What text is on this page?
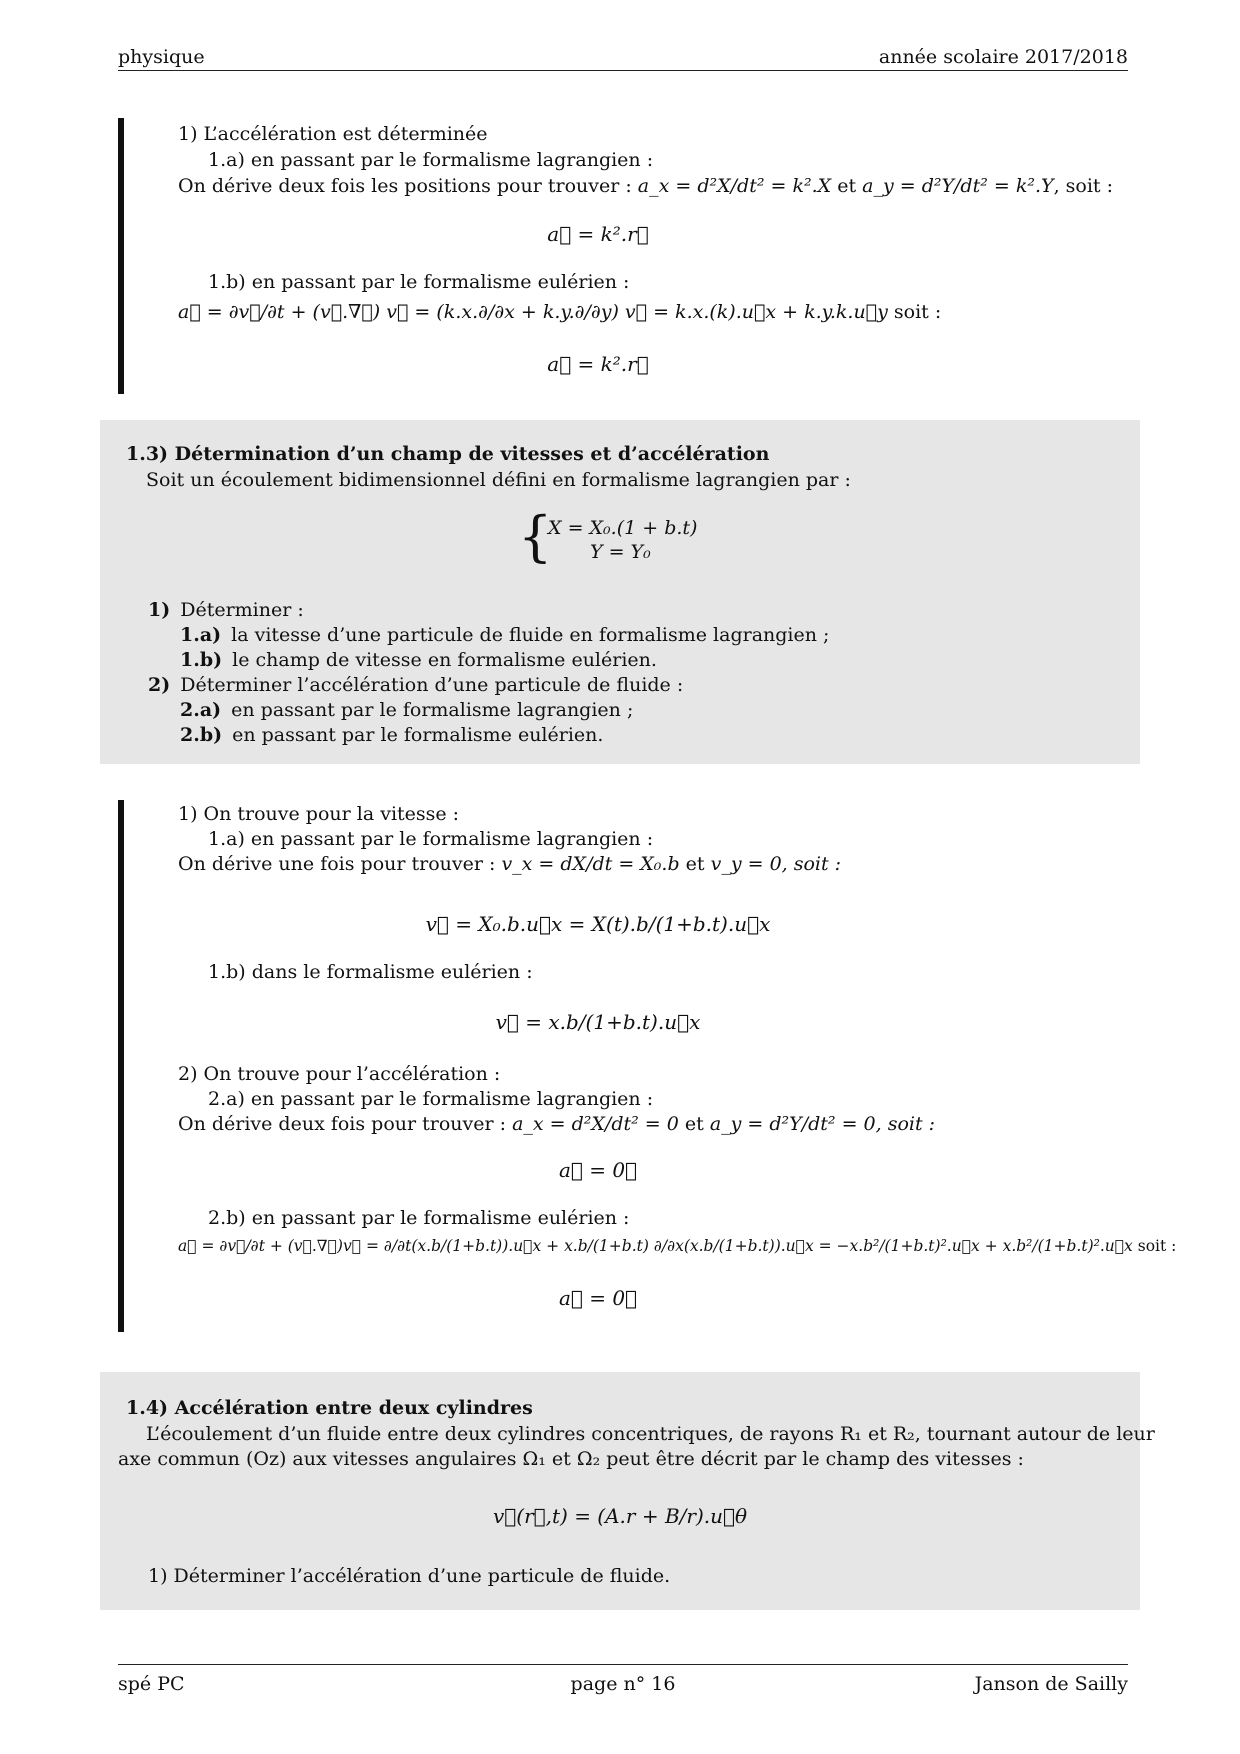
physique	année scolaire 2017/2018
1) L’accélération est déterminée
1.a) en passant par le formalisme lagrangien :
On dérive deux fois les positions pour trouver : a_x = d²X/dt² = k².X et a_y = d²Y/dt² = k².Y, soit :
a⃗ = k².r⃗
1.b) en passant par le formalisme eulérien :
a⃗ = ∂v⃗/∂t + (v⃗.∇⃗) v⃗ = (k.x.∂/∂x + k.y.∂/∂y) v⃗ = k.x.(k).u⃗x + k.y.k.u⃗y soit :
a⃗ = k².r⃗
1.3) Détermination d’un champ de vitesses et d’accélération
Soit un écoulement bidimensionnel défini en formalisme lagrangien par :
{
X = X₀.(1 + b.t)
Y = Y₀
1) Déterminer :
1.a) la vitesse d’une particule de fluide en formalisme lagrangien ;
1.b) le champ de vitesse en formalisme eulérien.
2) Déterminer l’accélération d’une particule de fluide :
2.a) en passant par le formalisme lagrangien ;
2.b) en passant par le formalisme eulérien.
1) On trouve pour la vitesse :
1.a) en passant par le formalisme lagrangien :
On dérive une fois pour trouver : v_x = dX/dt = X₀.b et v_y = 0, soit :
v⃗ = X₀.b.u⃗x = X(t).b/(1+b.t).u⃗x
1.b) dans le formalisme eulérien :
v⃗ = x.b/(1+b.t).u⃗x
2) On trouve pour l’accélération :
2.a) en passant par le formalisme lagrangien :
On dérive deux fois pour trouver : a_x = d²X/dt² = 0 et a_y = d²Y/dt² = 0, soit :
a⃗ = 0⃗
2.b) en passant par le formalisme eulérien :
a⃗ = ∂v⃗/∂t + (v⃗.∇⃗)v⃗ = ∂/∂t(x.b/(1+b.t)).u⃗x + x.b/(1+b.t) ∂/∂x(x.b/(1+b.t)).u⃗x = −x.b²/(1+b.t)².u⃗x + x.b²/(1+b.t)².u⃗x soit :
a⃗ = 0⃗
1.4) Accélération entre deux cylindres
L’écoulement d’un fluide entre deux cylindres concentriques, de rayons R₁ et R₂, tournant autour de leur
axe commun (Oz) aux vitesses angulaires Ω₁ et Ω₂ peut être décrit par le champ des vitesses :
v⃗(r⃗,t) = (A.r + B/r).u⃗θ
1) Déterminer l’accélération d’une particule de fluide.
spé PC	page n° 16	Janson de Sailly
